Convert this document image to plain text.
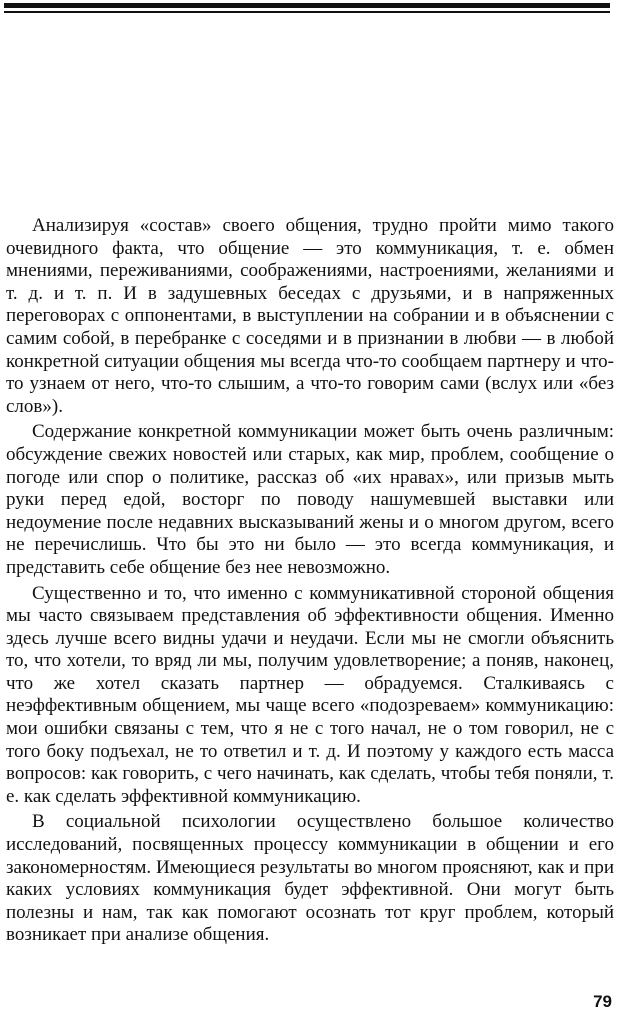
Анализируя «состав» своего общения, трудно пройти мимо такого очевидного факта, что общение — это коммуникация, т. е. обмен мнениями, переживаниями, соображениями, настроениями, желаниями и т. д. и т. п. И в задушевных беседах с друзьями, и в напряженных переговорах с оппонентами, в выступлении на собрании и в объяснении с самим собой, в перебранке с соседями и в признании в любви — в любой конкретной ситуации общения мы всегда что-то сообщаем партнеру и что-то узнаем от него, что-то слышим, а что-то говорим сами (вслух или «без слов»).

Содержание конкретной коммуникации может быть очень различным: обсуждение свежих новостей или старых, как мир, проблем, сообщение о погоде или спор о политике, рассказ об «их нравах», или призыв мыть руки перед едой, восторг по поводу нашумевшей выставки или недоумение после недавних высказываний жены и о многом другом, всего не перечислишь. Что бы это ни было — это всегда коммуникация, и представить себе общение без нее невозможно.

Существенно и то, что именно с коммуникативной стороной общения мы часто связываем представления об эффективности общения. Именно здесь лучше всего видны удачи и неудачи. Если мы не смогли объяснить то, что хотели, то вряд ли мы, получим удовлетворение; а поняв, наконец, что же хотел сказать партнер — обрадуемся. Сталкиваясь с неэффективным общением, мы чаще всего «подозреваем» коммуникацию: мои ошибки связаны с тем, что я не с того начал, не о том говорил, не с того боку подъехал, не то ответил и т. д. И поэтому у каждого есть масса вопросов: как говорить, с чего начинать, как сделать, чтобы тебя поняли, т. е. как сделать эффективной коммуникацию.

В социальной психологии осуществлено большое количество исследований, посвященных процессу коммуникации в общении и его закономерностям. Имеющиеся результаты во многом проясняют, как и при каких условиях коммуникация будет эффективной. Они могут быть полезны и нам, так как помогают осознать тот круг проблем, который возникает при анализе общения.

79
